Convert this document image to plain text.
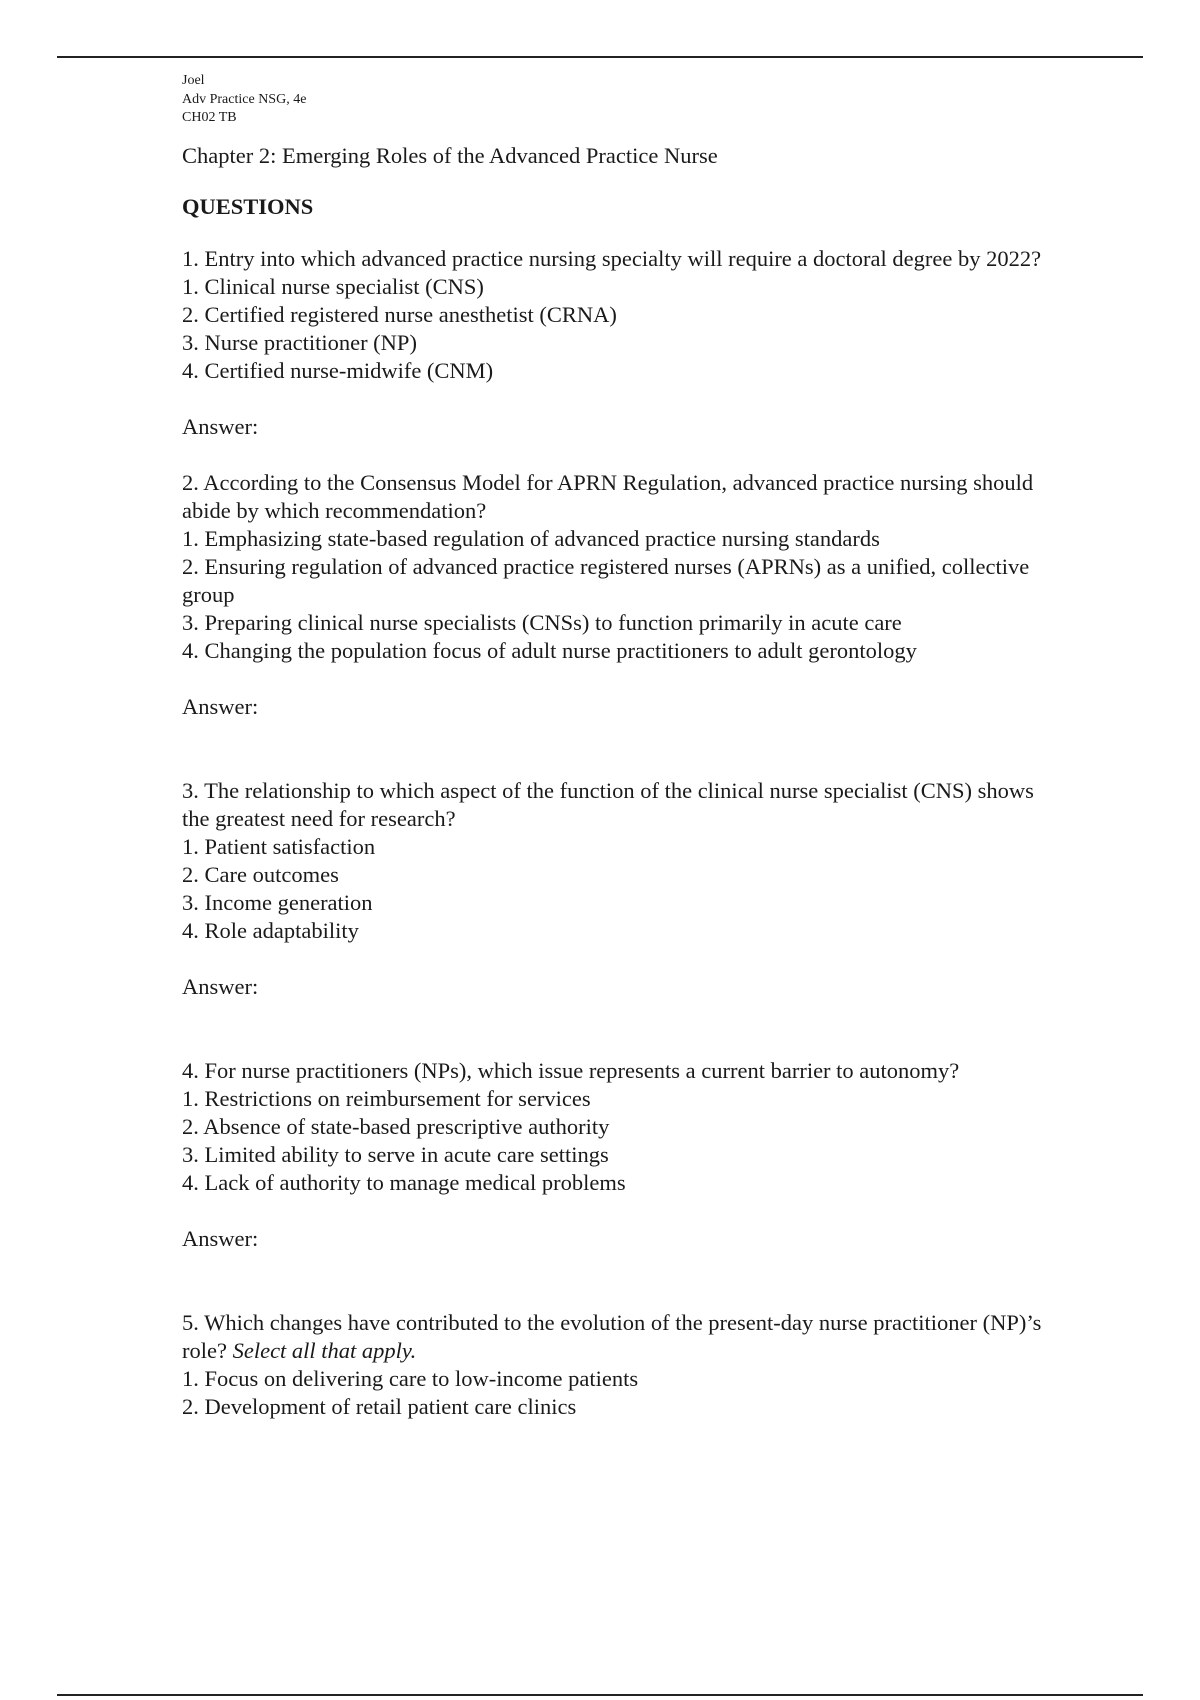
Joel
Adv Practice NSG, 4e
CH02 TB
Chapter 2: Emerging Roles of the Advanced Practice Nurse
QUESTIONS

1. Entry into which advanced practice nursing specialty will require a doctoral degree by 2022?

1. Clinical nurse specialist (CNS)

2. Certified registered nurse anesthetist (CRNA)

3. Nurse practitioner (NP)

4. Certified nurse-midwife (CNM)

Answer:

2. According to the Consensus Model for APRN Regulation, advanced practice nursing should abide by which recommendation?

1. Emphasizing state-based regulation of advanced practice nursing standards

2. Ensuring regulation of advanced practice registered nurses (APRNs) as a unified, collective group

3. Preparing clinical nurse specialists (CNSs) to function primarily in acute care

4. Changing the population focus of adult nurse practitioners to adult gerontology

Answer:

3. The relationship to which aspect of the function of the clinical nurse specialist (CNS) shows the greatest need for research?

1. Patient satisfaction

2. Care outcomes

3. Income generation

4. Role adaptability

Answer:

4. For nurse practitioners (NPs), which issue represents a current barrier to autonomy?

1. Restrictions on reimbursement for services

2. Absence of state-based prescriptive authority

3. Limited ability to serve in acute care settings

4. Lack of authority to manage medical problems

Answer:

5. Which changes have contributed to the evolution of the present-day nurse practitioner (NP)’s role? Select all that apply.

1. Focus on delivering care to low-income patients

2. Development of retail patient care clinics
